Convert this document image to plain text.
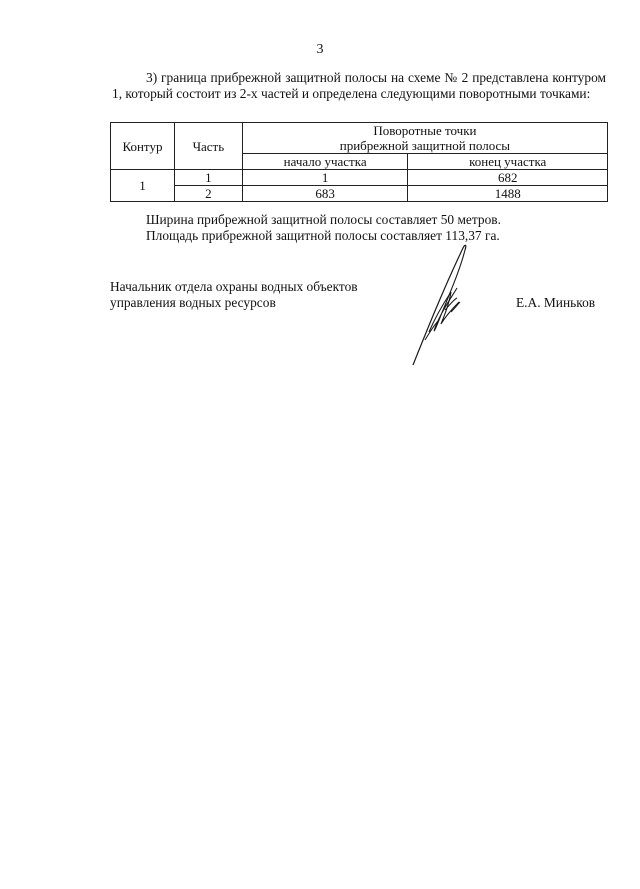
3
3) граница прибрежной защитной полосы на схеме № 2 представлена контуром 1, который состоит из 2-х частей и определена следующими поворотными точками:
Контур	Часть	Поворотные точки
прибрежной защитной полосы	

		начало участка	конец участка
1	1	1	682
	2	683	1488
Ширина прибрежной защитной полосы составляет 50 метров.
Площадь прибрежной защитной полосы составляет 113,37 га.
Начальник отдела охраны водных объектов
управления водных ресурсов	Е.А. Миньков
